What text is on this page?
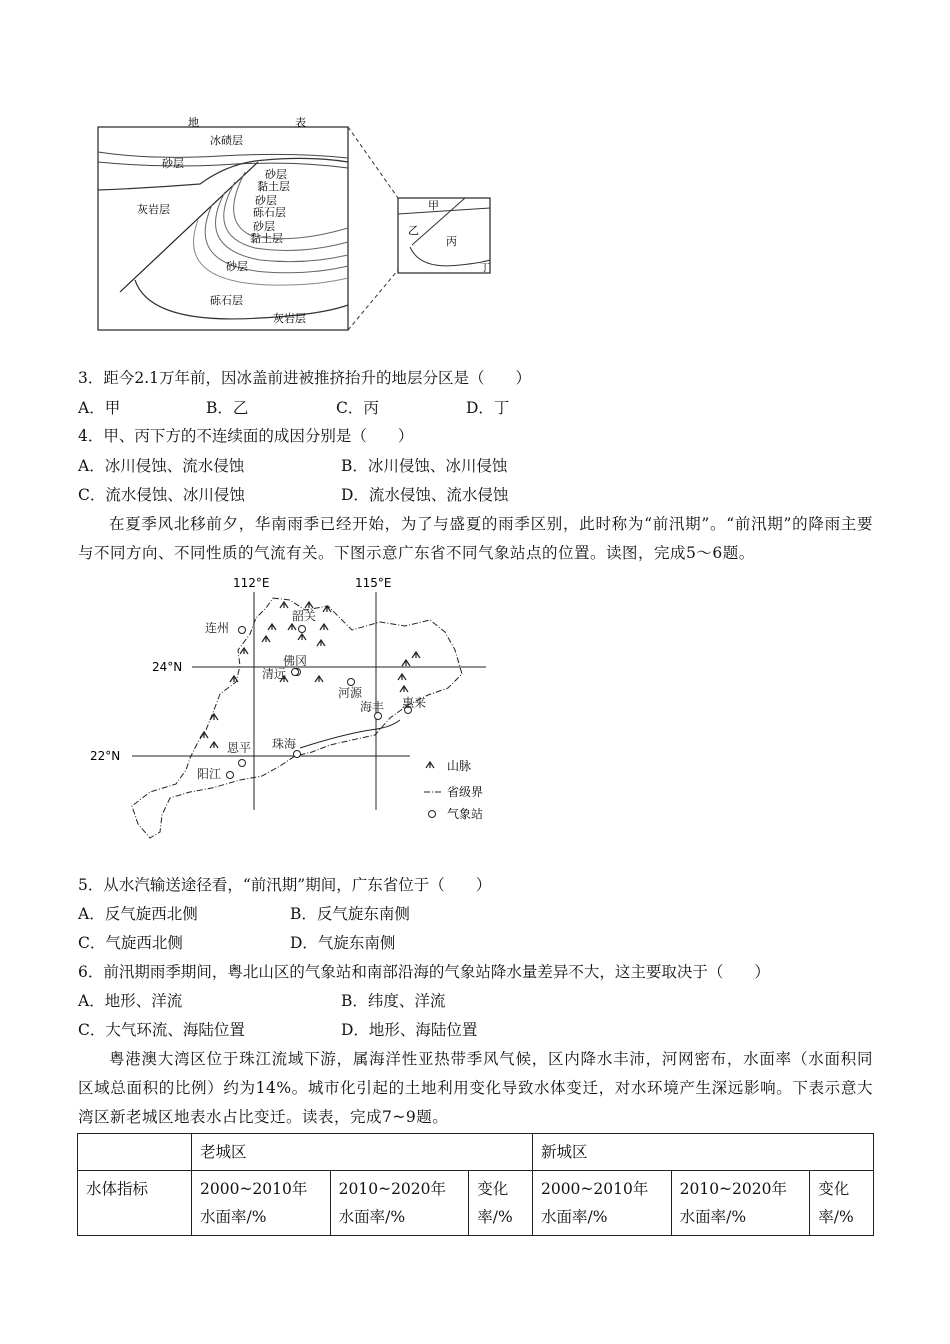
地	表
冰碛层
砂层
灰岩层
砂层
黏土层
砂层
砾石层
砂层
黏土层
砂层
砾石层
灰岩层
甲
乙
丙
丁
3．距今2.1万年前，因冰盖前进被推挤抬升的地层分区是（　　）
A．甲	B．乙	C．丙	D．丁
4．甲、丙下方的不连续面的成因分别是（　　）
A．冰川侵蚀、流水侵蚀	B．冰川侵蚀、冰川侵蚀
C．流水侵蚀、冰川侵蚀	D．流水侵蚀、流水侵蚀
在夏季风北移前夕，华南雨季已经开始，为了与盛夏的雨季区别，此时称为“前汛期”。“前汛期”的降雨主要与不同方向、不同性质的气流有关。下图示意广东省不同气象站点的位置。读图，完成5～6题。
112°E	115°E
24°N
22°N
连州
韶关
佛冈
清远
河源
海丰 惠来
恩平 珠海
阳江
山脉
省级界
气象站
5．从水汽输送途径看，“前汛期”期间，广东省位于（　　）
A．反气旋西北侧	B．反气旋东南侧
C．气旋西北侧	D．气旋东南侧
6．前汛期雨季期间，粤北山区的气象站和南部沿海的气象站降水量差异不大，这主要取决于（　　）
A．地形、洋流	B．纬度、洋流
C．大气环流、海陆位置	D．地形、海陆位置
粤港澳大湾区位于珠江流域下游，属海洋性亚热带季风气候，区内降水丰沛，河网密布，水面率（水面积同区域总面积的比例）约为14%。城市化引起的土地利用变化导致水体变迁，对水环境产生深远影响。下表示意大湾区新老城区地表水占比变迁。读表，完成7~9题。
	老城区			新城区		
水体指标	2000~2010年水面率/%	2010~2020年水面率/%	变化率/%	2000~2010年水面率/%	2010~2020年水面率/%	变化率/%
